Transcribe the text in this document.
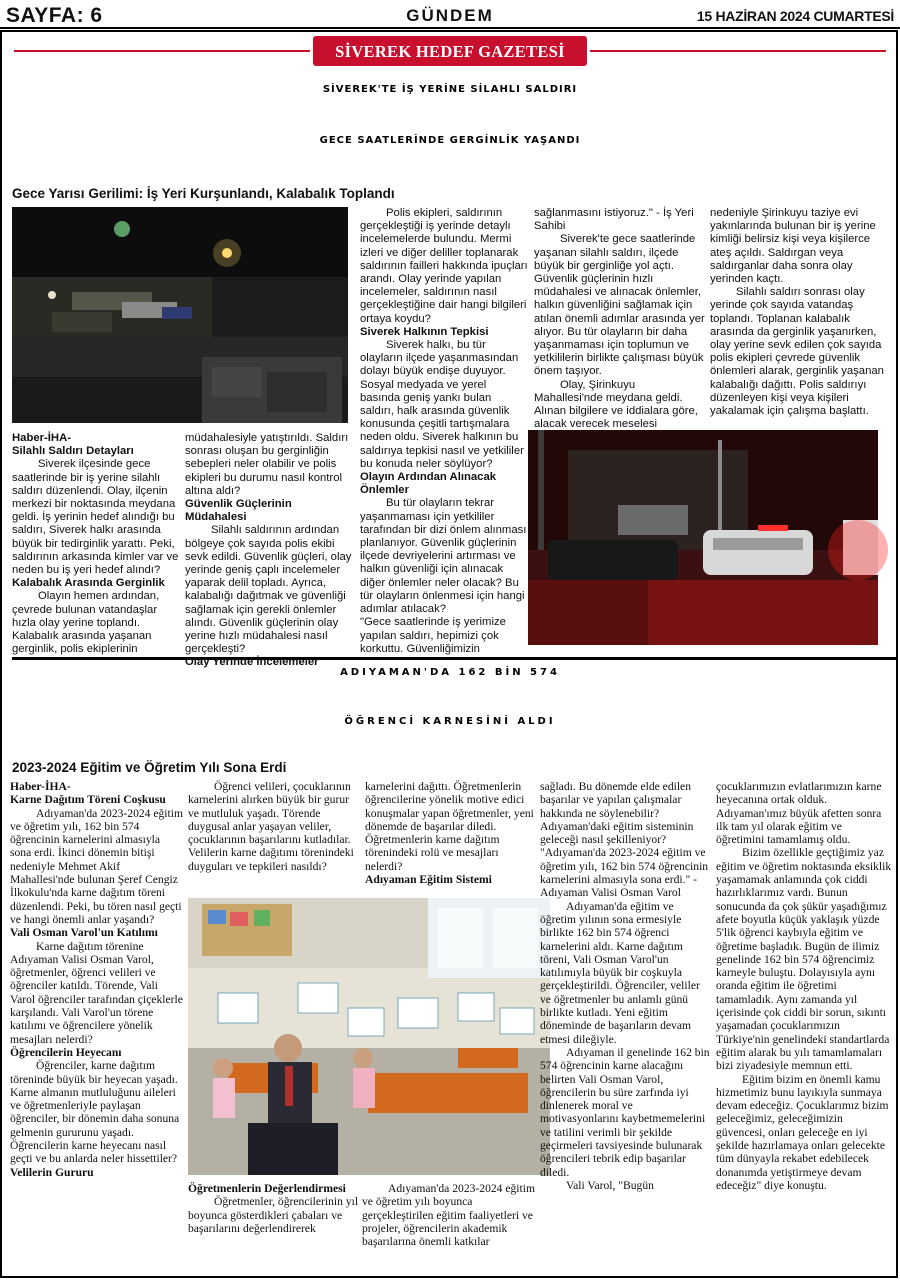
SAYFA: 6	GÜNDEM	15 HAZİRAN 2024 CUMARTESİ
SİVEREK HEDEF GAZETESİ
SİVEREK'TE İŞ YERİNE SİLAHLI SALDIRI
GECE SAATLERİNDE GERGİNLİK YAŞANDI
Gece Yarısı Gerilimi: İş Yeri Kurşunlandı, Kalabalık Toplandı

Haber-İHA-

Silahlı Saldırı Detayları

Siverek ilçesinde gece saatlerinde bir iş yerine silahlı saldırı düzenlendi. Olay, ilçenin merkezi bir noktasında meydana geldi. İş yerinin hedef alındığı bu saldırı, Siverek halkı arasında büyük bir tedirginlik yarattı. Peki, saldırının arkasında kimler var ve neden bu iş yeri hedef alındı?

Kalabalık Arasında Gerginlik

Olayın hemen ardından, çevrede bulunan vatandaşlar hızla olay yerine toplandı. Kalabalık arasında yaşanan gerginlik, polis ekiplerinin

müdahalesiyle yatıştırıldı. Saldırı sonrası oluşan bu gerginliğin sebepleri neler olabilir ve polis ekipleri bu durumu nasıl kontrol altına aldı?

Güvenlik Güçlerinin Müdahalesi

Silahlı saldırının ardından bölgeye çok sayıda polis ekibi sevk edildi. Güvenlik güçleri, olay yerinde geniş çaplı incelemeler yaparak delil topladı. Ayrıca, kalabalığı dağıtmak ve güvenliği sağlamak için gerekli önlemler alındı. Güvenlik güçlerinin olay yerine hızlı müdahalesi nasıl gerçekleşti?

Olay Yerinde İncelemeler

Polis ekipleri, saldırının gerçekleştiği iş yerinde detaylı incelemelerde bulundu. Mermi izleri ve diğer deliller toplanarak saldırının failleri hakkında ipuçları arandı. Olay yerinde yapılan incelemeler, saldırının nasıl gerçekleştiğine dair hangi bilgileri ortaya koydu?

Siverek Halkının Tepkisi

Siverek halkı, bu tür olayların ilçede yaşanmasından dolayı büyük endişe duyuyor. Sosyal medyada ve yerel basında geniş yankı bulan saldırı, halk arasında güvenlik konusunda çeşitli tartışmalara neden oldu. Siverek halkının bu saldırıya tepkisi nasıl ve yetkililer bu konuda neler söylüyor?

Olayın Ardından Alınacak Önlemler

Bu tür olayların tekrar yaşanmaması için yetkililer tarafından bir dizi önlem alınması planlanıyor. Güvenlik güçlerinin ilçede devriyelerini artırması ve halkın güvenliği için alınacak diğer önlemler neler olacak? Bu tür olayların önlenmesi için hangi adımlar atılacak?

"Gece saatlerinde iş yerimize yapılan saldırı, hepimizi çok korkuttu. Güvenliğimizin

sağlanmasını istiyoruz." - İş Yeri Sahibi

Siverek'te gece saatlerinde yaşanan silahlı saldırı, ilçede büyük bir gerginliğe yol açtı. Güvenlik güçlerinin hızlı müdahalesi ve alınacak önlemler, halkın güvenliğini sağlamak için atılan önemli adımlar arasında yer alıyor. Bu tür olayların bir daha yaşanmaması için toplumun ve yetkililerin birlikte çalışması büyük önem taşıyor.

Olay, Şirinkuyu Mahallesi'nde meydana geldi. Alınan bilgilere ve iddialara göre, alacak verecek meselesi

nedeniyle Şirinkuyu taziye evi yakınlarında bulunan bir iş yerine kimliği belirsiz kişi veya kişilerce ateş açıldı. Saldırgan veya saldırganlar daha sonra olay yerinden kaçtı.

Silahlı saldırı sonrası olay yerinde çok sayıda vatandaş toplandı. Toplanan kalabalık arasında da gerginlik yaşanırken, olay yerine sevk edilen çok sayıda polis ekipleri çevrede güvenlik önlemleri alarak, gerginlik yaşanan kalabalığı dağıttı. Polis saldırıyı düzenleyen kişi veya kişileri yakalamak için çalışma başlattı.

ADIYAMAN'DA 162 BİN 574
ÖĞRENCİ KARNESİNİ ALDI
2023-2024 Eğitim ve Öğretim Yılı Sona Erdi

Haber-İHA-

Karne Dağıtım Töreni Coşkusu

Adıyaman'da 2023-2024 eğitim ve öğretim yılı, 162 bin 574 öğrencinin karnelerini almasıyla sona erdi. İkinci dönemin bitişi nedeniyle Mehmet Akif Mahallesi'nde bulunan Şeref Cengiz İlkokulu'nda karne dağıtım töreni düzenlendi. Peki, bu tören nasıl geçti ve hangi önemli anlar yaşandı?

Vali Osman Varol'un Katılımı

Karne dağıtım törenine Adıyaman Valisi Osman Varol, öğretmenler, öğrenci velileri ve öğrenciler katıldı. Törende, Vali Varol öğrenciler tarafından çiçeklerle karşılandı. Vali Varol'un törene katılımı ve öğrencilere yönelik mesajları nelerdi?

Öğrencilerin Heyecanı

Öğrenciler, karne dağıtım töreninde büyük bir heyecan yaşadı. Karne almanın mutluluğunu aileleri ve öğretmenleriyle paylaşan öğrenciler, bir dönemin daha sonuna gelmenin gururunu yaşadı. Öğrencilerin karne heyecanı nasıl geçti ve bu anlarda neler hissettiler?

Velilerin Gururu

Öğrenci velileri, çocuklarının karnelerini alırken büyük bir gurur ve mutluluk yaşadı. Törende duygusal anlar yaşayan veliler, çocuklarının başarılarını kutladılar. Velilerin karne dağıtımı törenindeki duyguları ve tepkileri nasıldı?

Öğretmenlerin Değerlendirmesi

Öğretmenler, öğrencilerinin yıl boyunca gösterdikleri çabaları ve başarılarını değerlendirerek

karnelerini dağıttı. Öğretmenlerin öğrencilerine yönelik motive edici konuşmalar yapan öğretmenler, yeni dönemde de başarılar diledi. Öğretmenlerin karne dağıtım törenindeki rolü ve mesajları nelerdi?

Adıyaman Eğitim Sistemi

Adıyaman'da 2023-2024 eğitim ve öğretim yılı boyunca gerçekleştirilen eğitim faaliyetleri ve projeler, öğrencilerin akademik başarılarına önemli katkılar

sağladı. Bu dönemde elde edilen başarılar ve yapılan çalışmalar hakkında ne söylenebilir? Adıyaman'daki eğitim sisteminin geleceği nasıl şekilleniyor?

"Adıyaman'da 2023-2024 eğitim ve öğretim yılı, 162 bin 574 öğrencinin karnelerini almasıyla sona erdi." - Adıyaman Valisi Osman Varol

Adıyaman'da eğitim ve öğretim yılının sona ermesiyle birlikte 162 bin 574 öğrenci karnelerini aldı. Karne dağıtım töreni, Vali Osman Varol'un katılımıyla büyük bir coşkuyla gerçekleştirildi. Öğrenciler, veliler ve öğretmenler bu anlamlı günü birlikte kutladı. Yeni eğitim döneminde de başarıların devam etmesi dileğiyle.

Adıyaman il genelinde 162 bin 574 öğrencinin karne alacağını belirten Vali Osman Varol, öğrencilerin bu süre zarfında iyi dinlenerek moral ve motivasyonlarını kaybetmemelerini ve tatilini verimli bir şekilde geçirmeleri tavsiyesinde bulunarak öğrencileri tebrik edip başarılar diledi.

Vali Varol, "Bugün

çocuklarımızın evlatlarımızın karne heyecanına ortak olduk. Adıyaman'ımız büyük afetten sonra ilk tam yıl olarak eğitim ve öğretimini tamamlamış oldu.

Bizim özellikle geçtiğimiz yaz eğitim ve öğretim noktasında eksiklik yaşamamak anlamında çok ciddi hazırlıklarımız vardı. Bunun sonucunda da çok şükür yaşadığımız afete boyutla küçük yaklaşık yüzde 5'lik öğrenci kaybıyla eğitim ve öğretime başladık. Bugün de ilimiz genelinde 162 bin 574 öğrencimiz karneyle buluştu. Dolayısıyla aynı oranda eğitim ile öğretimi tamamladık. Aynı zamanda yıl içerisinde çok ciddi bir sorun, sıkıntı yaşamadan çocuklarımızın Türkiye'nin genelindeki standartlarda eğitim alarak bu yılı tamamlamaları bizi ziyadesiyle memnun etti.

Eğitim bizim en önemli kamu hizmetimiz bunu layıkıyla sunmaya devam edeceğiz. Çocuklarımız bizim geleceğimiz, geleceğimizin güvencesi, onları geleceğe en iyi şekilde hazırlamaya onları gelecekte tüm dünyayla rekabet edebilecek donanımda yetiştirmeye devam edeceğiz" diye konuştu.
